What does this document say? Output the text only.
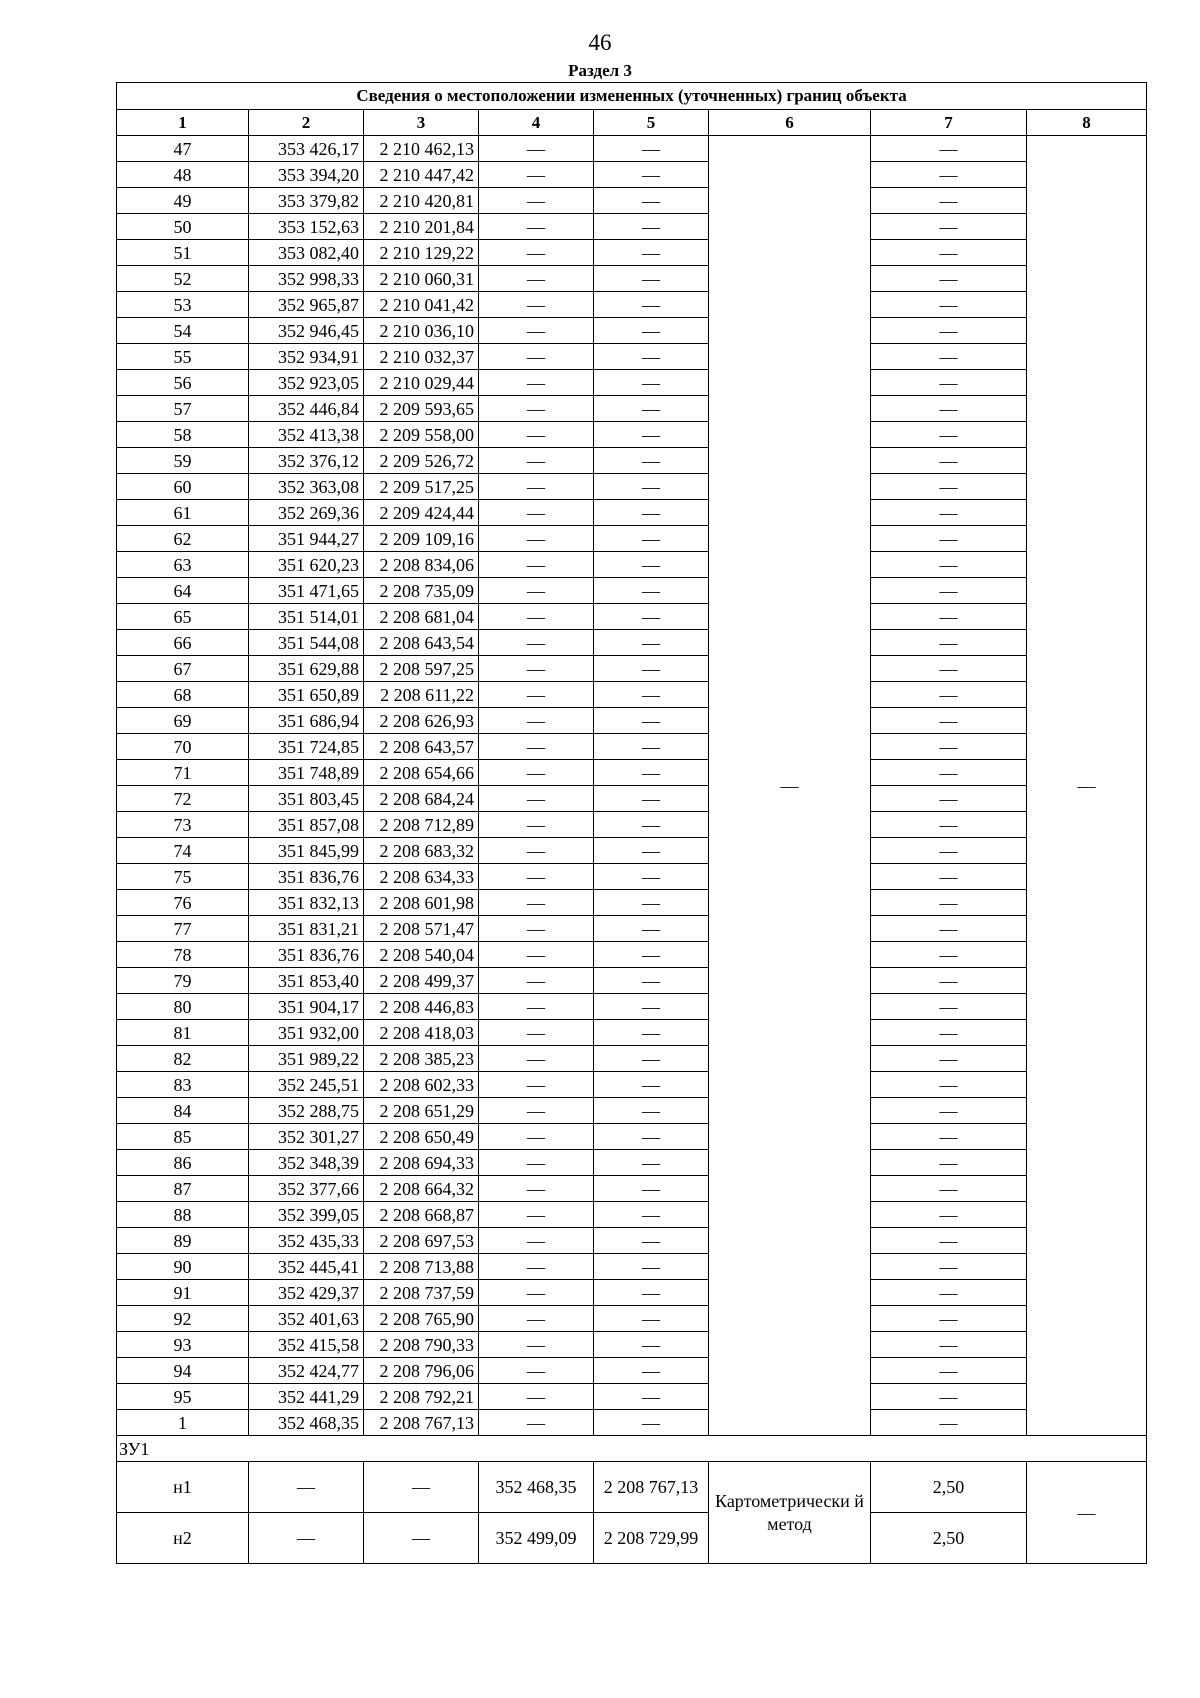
46
Раздел 3
Сведения о местоположении измененных (уточненных) границ объекта							
1	2	3	4	5	6	7	8
47	353 426,17	2 210 462,13	—	—	—	—	—
48	353 394,20	2 210 447,42	—	—		—	
49	353 379,82	2 210 420,81	—	—		—	
50	353 152,63	2 210 201,84	—	—		—	
51	353 082,40	2 210 129,22	—	—		—	
52	352 998,33	2 210 060,31	—	—		—	
53	352 965,87	2 210 041,42	—	—		—	
54	352 946,45	2 210 036,10	—	—		—	
55	352 934,91	2 210 032,37	—	—		—	
56	352 923,05	2 210 029,44	—	—		—	
57	352 446,84	2 209 593,65	—	—		—	
58	352 413,38	2 209 558,00	—	—		—	
59	352 376,12	2 209 526,72	—	—		—	
60	352 363,08	2 209 517,25	—	—		—	
61	352 269,36	2 209 424,44	—	—		—	
62	351 944,27	2 209 109,16	—	—		—	
63	351 620,23	2 208 834,06	—	—		—	
64	351 471,65	2 208 735,09	—	—		—	
65	351 514,01	2 208 681,04	—	—		—	
66	351 544,08	2 208 643,54	—	—		—	
67	351 629,88	2 208 597,25	—	—		—	
68	351 650,89	2 208 611,22	—	—		—	
69	351 686,94	2 208 626,93	—	—		—	
70	351 724,85	2 208 643,57	—	—		—	
71	351 748,89	2 208 654,66	—	—		—	
72	351 803,45	2 208 684,24	—	—		—	
73	351 857,08	2 208 712,89	—	—		—	
74	351 845,99	2 208 683,32	—	—		—	
75	351 836,76	2 208 634,33	—	—		—	
76	351 832,13	2 208 601,98	—	—		—	
77	351 831,21	2 208 571,47	—	—		—	
78	351 836,76	2 208 540,04	—	—		—	
79	351 853,40	2 208 499,37	—	—		—	
80	351 904,17	2 208 446,83	—	—		—	
81	351 932,00	2 208 418,03	—	—		—	
82	351 989,22	2 208 385,23	—	—		—	
83	352 245,51	2 208 602,33	—	—		—	
84	352 288,75	2 208 651,29	—	—		—	
85	352 301,27	2 208 650,49	—	—		—	
86	352 348,39	2 208 694,33	—	—		—	
87	352 377,66	2 208 664,32	—	—		—	
88	352 399,05	2 208 668,87	—	—		—	
89	352 435,33	2 208 697,53	—	—		—	
90	352 445,41	2 208 713,88	—	—		—	
91	352 429,37	2 208 737,59	—	—		—	
92	352 401,63	2 208 765,90	—	—		—	
93	352 415,58	2 208 790,33	—	—		—	
94	352 424,77	2 208 796,06	—	—		—	
95	352 441,29	2 208 792,21	—	—		—	
1	352 468,35	2 208 767,13	—	—		—	
ЗУ1							
н1	—	—	352 468,35	2 208 767,13	Картометрически й метод	2,50	—
н2	—	—	352 499,09	2 208 729,99		2,50	
